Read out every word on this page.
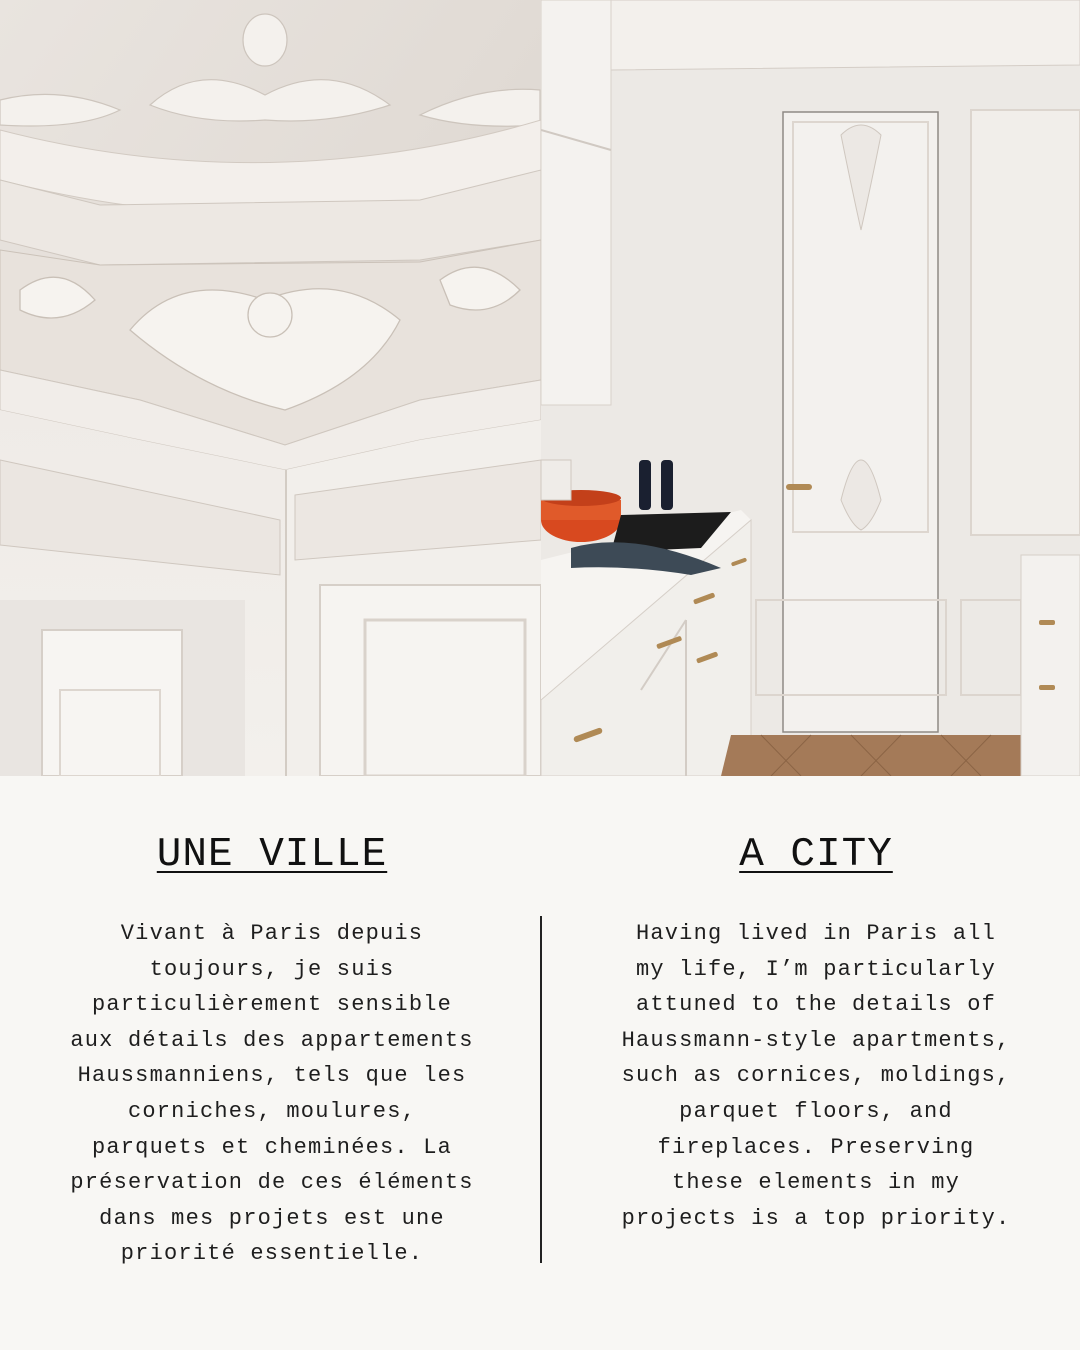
UNE VILLE

Vivant à Paris depuis
toujours, je suis
particulièrement sensible
aux détails des appartements
Haussmanniens, tels que les
corniches, moulures,
parquets et cheminées. La
préservation de ces éléments
dans mes projets est une
priorité essentielle.

A CITY

Having lived in Paris all
my life, I’m particularly
attuned to the details of
Haussmann-style apartments,
such as cornices, moldings,
parquet floors, and
fireplaces. Preserving
these elements in my
projects is a top priority.
